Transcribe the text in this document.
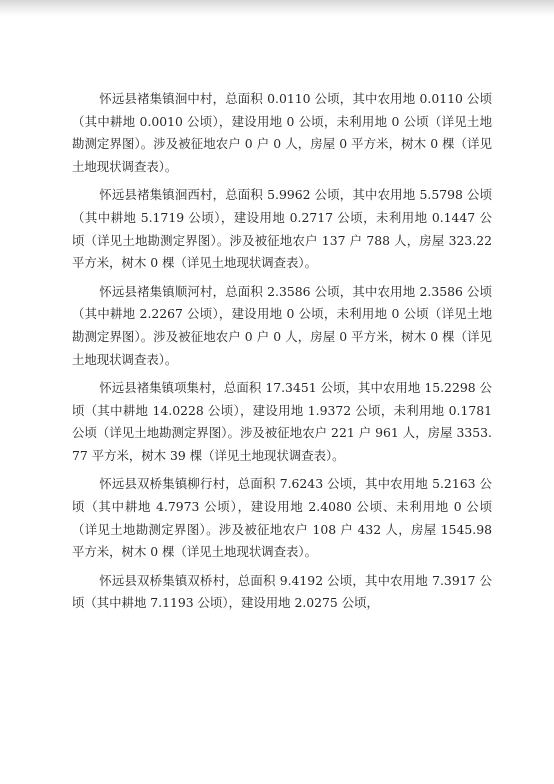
怀远县褚集镇洄中村，总面积 0.0110 公顷，其中农用地 0.0110 公顷（其中耕地 0.0010 公顷），建设用地 0 公顷，未利用地 0 公顷（详见土地勘测定界图）。涉及被征地农户 0 户 0 人，房屋 0 平方米，树木 0 棵（详见土地现状调查表）。

怀远县褚集镇洄西村，总面积 5.9962 公顷，其中农用地 5.5798 公顷（其中耕地 5.1719 公顷），建设用地 0.2717 公顷，未利用地 0.1447 公顷（详见土地勘测定界图）。涉及被征地农户 137 户 788 人，房屋 323.22 平方米，树木 0 棵（详见土地现状调查表）。

怀远县褚集镇顺河村，总面积 2.3586 公顷，其中农用地 2.3586 公顷（其中耕地 2.2267 公顷），建设用地 0 公顷，未利用地 0 公顷（详见土地勘测定界图）。涉及被征地农户 0 户 0 人，房屋 0 平方米，树木 0 棵（详见土地现状调查表）。

怀远县褚集镇项集村，总面积 17.3451 公顷，其中农用地 15.2298 公顷（其中耕地 14.0228 公顷），建设用地 1.9372 公顷，未利用地 0.1781 公顷（详见土地勘测定界图）。涉及被征地农户 221 户 961 人，房屋 3353.77 平方米，树木 39 棵（详见土地现状调查表）。

怀远县双桥集镇柳行村，总面积 7.6243 公顷，其中农用地 5.2163 公顷（其中耕地 4.7973 公顷），建设用地 2.4080 公顷、未利用地 0 公顷（详见土地勘测定界图）。涉及被征地农户 108 户 432 人，房屋 1545.98 平方米，树木 0 棵（详见土地现状调查表）。

怀远县双桥集镇双桥村，总面积 9.4192 公顷，其中农用地 7.3917 公顷（其中耕地 7.1193 公顷），建设用地 2.0275 公顷，
